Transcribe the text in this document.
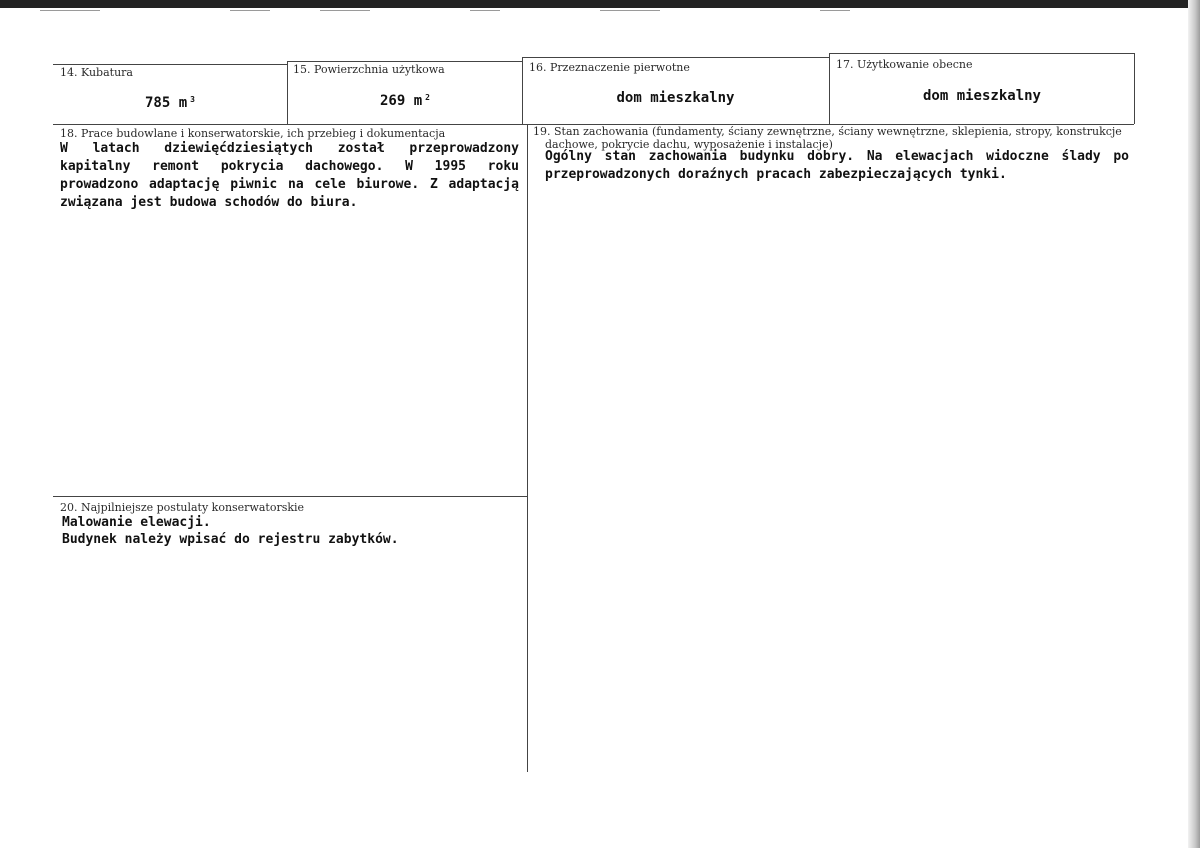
14. Kubatura
785 m $^3$
15. Powierzchnia użytkowa
269 m $^2$
16. Przeznaczenie pierwotne
dom mieszkalny
17. Użytkowanie obecne
dom mieszkalny
18. Prace budowlane i konserwatorskie, ich przebieg i dokumentacja
W latach dziewięćdziesiątych został przeprowadzony kapitalny remont pokrycia dachowego. W 1995 roku prowadzono adaptację piwnic na cele biurowe. Z adaptacją związana jest budowa schodów do biura.
19. Stan zachowania (fundamenty, ściany zewnętrzne, ściany wewnętrzne, sklepienia, stropy, konstrukcje
dachowe, pokrycie dachu, wyposażenie i instalacje)
Ogólny stan zachowania budynku dobry. Na elewacjach widoczne ślady po przeprowadzonych doraźnych pracach zabezpieczających tynki.
20. Najpilniejsze postulaty konserwatorskie
Malowanie elewacji.
Budynek należy wpisać do rejestru zabytków.
